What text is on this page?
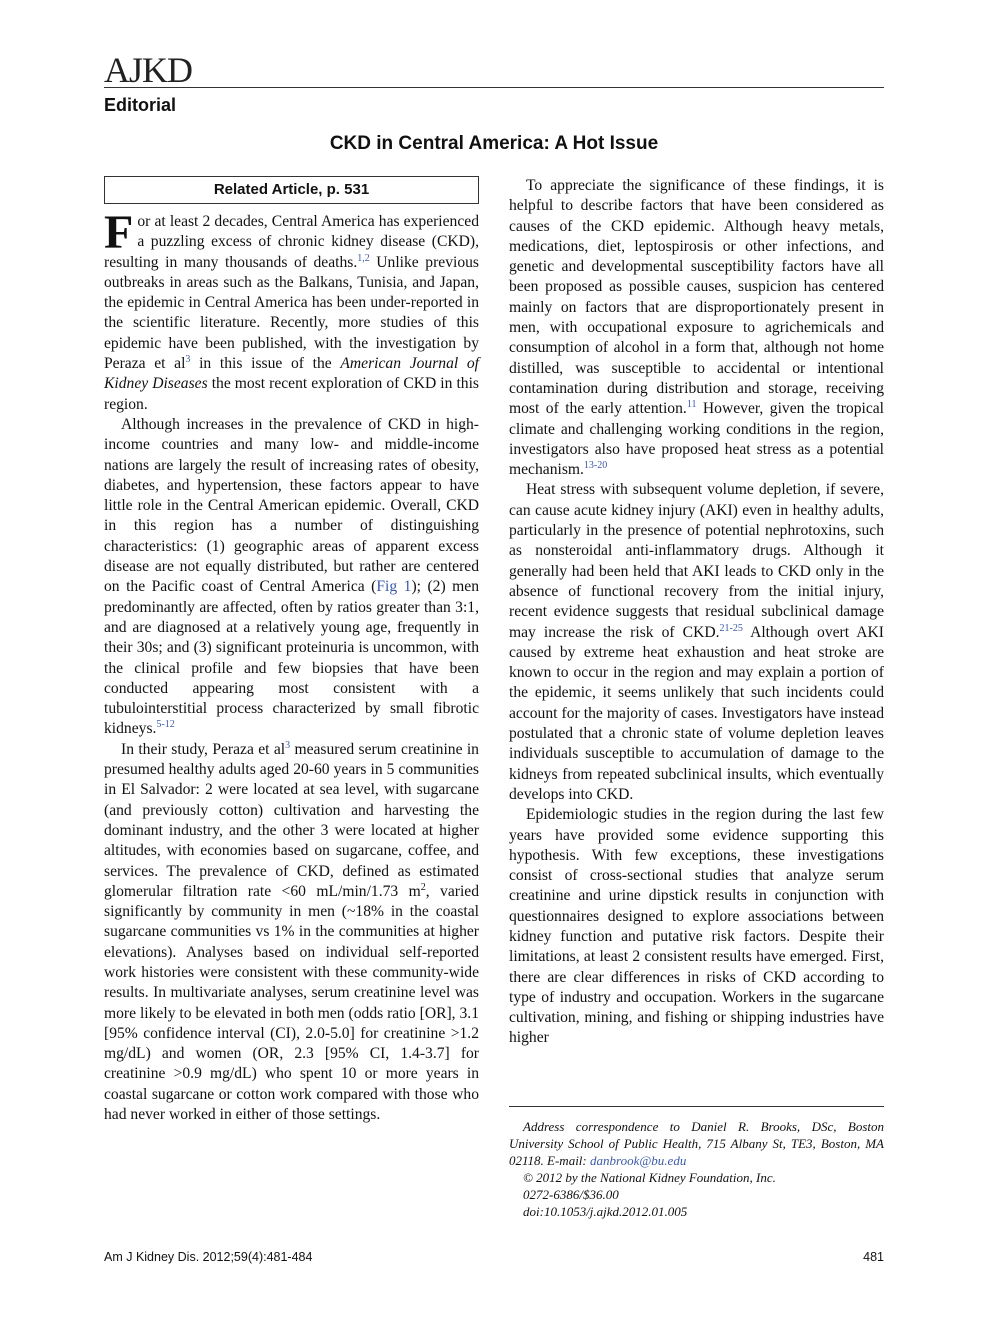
AJKD
Editorial
CKD in Central America: A Hot Issue
Related Article, p. 531

For at least 2 decades, Central America has experienced a puzzling excess of chronic kidney disease (CKD), resulting in many thousands of deaths.$^{1,2}$ Unlike previous outbreaks in areas such as the Balkans, Tunisia, and Japan, the epidemic in Central America has been under-reported in the scientific literature. Recently, more studies of this epidemic have been published, with the investigation by Peraza et al$^3$ in this issue of the American Journal of Kidney Diseases the most recent exploration of CKD in this region.

Although increases in the prevalence of CKD in high-income countries and many low- and middle-income nations are largely the result of increasing rates of obesity, diabetes, and hypertension, these factors appear to have little role in the Central American epidemic. Overall, CKD in this region has a number of distinguishing characteristics: (1) geographic areas of apparent excess disease are not equally distributed, but rather are centered on the Pacific coast of Central America (Fig 1); (2) men predominantly are affected, often by ratios greater than 3:1, and are diagnosed at a relatively young age, frequently in their 30s; and (3) significant proteinuria is uncommon, with the clinical profile and few biopsies that have been conducted appearing most consistent with a tubulointerstitial process characterized by small fibrotic kidneys.$^{5-12}$

In their study, Peraza et al$^3$ measured serum creatinine in presumed healthy adults aged 20-60 years in 5 communities in El Salvador: 2 were located at sea level, with sugarcane (and previously cotton) cultivation and harvesting the dominant industry, and the other 3 were located at higher altitudes, with economies based on sugarcane, coffee, and services. The prevalence of CKD, defined as estimated glomerular filtration rate <60 mL/min/1.73 $m^2$, varied significantly by community in men (~18% in the coastal sugarcane communities vs 1% in the communities at higher elevations). Analyses based on individual self-reported work histories were consistent with these community-wide results. In multivariate analyses, serum creatinine level was more likely to be elevated in both men (odds ratio [OR], 3.1 [95% confidence interval (CI), 2.0-5.0] for creatinine >1.2 mg/dL) and women (OR, 2.3 [95% CI, 1.4-3.7] for creatinine >0.9 mg/dL) who spent 10 or more years in coastal sugarcane or cotton work compared with those who had never worked in either of those settings.

To appreciate the significance of these findings, it is helpful to describe factors that have been considered as causes of the CKD epidemic. Although heavy metals, medications, diet, leptospirosis or other infections, and genetic and developmental susceptibility factors have all been proposed as possible causes, suspicion has centered mainly on factors that are disproportionately present in men, with occupational exposure to agrichemicals and consumption of alcohol in a form that, although not home distilled, was susceptible to accidental or intentional contamination during distribution and storage, receiving most of the early attention.$^{11}$ However, given the tropical climate and challenging working conditions in the region, investigators also have proposed heat stress as a potential mechanism.$^{13-20}$

Heat stress with subsequent volume depletion, if severe, can cause acute kidney injury (AKI) even in healthy adults, particularly in the presence of potential nephrotoxins, such as nonsteroidal anti-inflammatory drugs. Although it generally had been held that AKI leads to CKD only in the absence of functional recovery from the initial injury, recent evidence suggests that residual subclinical damage may increase the risk of CKD.$^{21-25}$ Although overt AKI caused by extreme heat exhaustion and heat stroke are known to occur in the region and may explain a portion of the epidemic, it seems unlikely that such incidents could account for the majority of cases. Investigators have instead postulated that a chronic state of volume depletion leaves individuals susceptible to accumulation of damage to the kidneys from repeated subclinical insults, which eventually develops into CKD.

Epidemiologic studies in the region during the last few years have provided some evidence supporting this hypothesis. With few exceptions, these investigations consist of cross-sectional studies that analyze serum creatinine and urine dipstick results in conjunction with questionnaires designed to explore associations between kidney function and putative risk factors. Despite their limitations, at least 2 consistent results have emerged. First, there are clear differences in risks of CKD according to type of industry and occupation. Workers in the sugarcane cultivation, mining, and fishing or shipping industries have higher

Address correspondence to Daniel R. Brooks, DSc, Boston University School of Public Health, 715 Albany St, TE3, Boston, MA 02118. E-mail: danbrook@bu.edu

© 2012 by the National Kidney Foundation, Inc.

0272-6386/$36.00

doi:10.1053/j.ajkd.2012.01.005

Am J Kidney Dis. 2012;59(4):481-484	481
